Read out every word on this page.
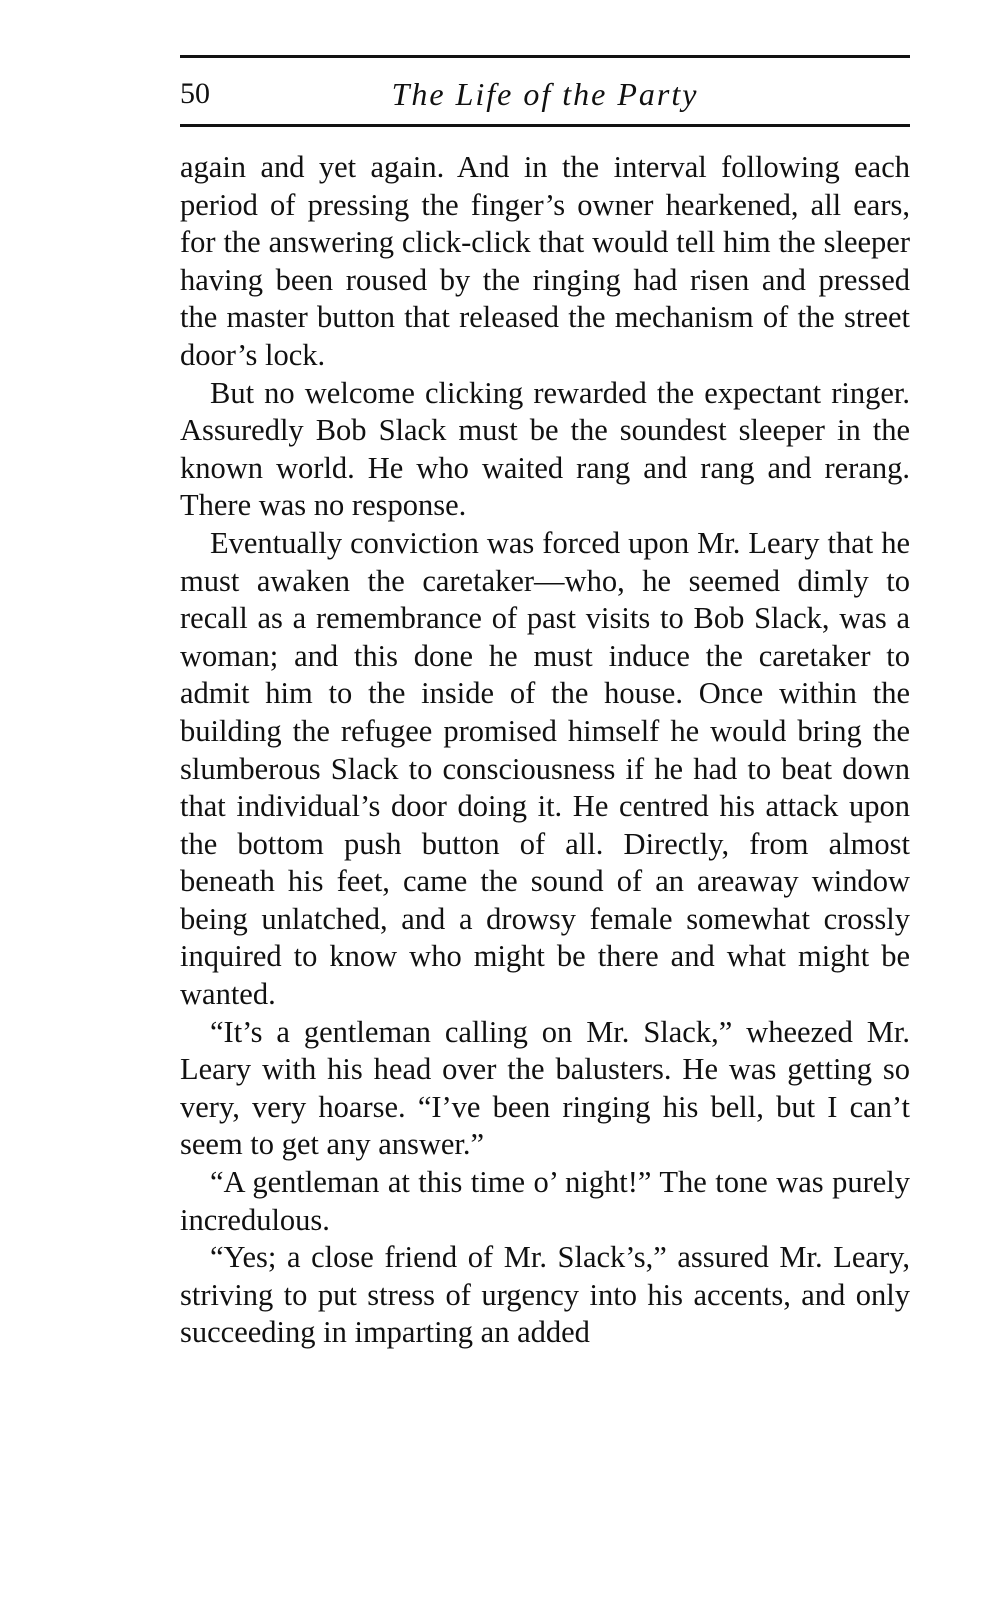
50	The Life of the Party

again and yet again. And in the interval following each period of pressing the finger’s owner hearkened, all ears, for the answering click-click that would tell him the sleeper having been roused by the ringing had risen and pressed the master button that released the mechanism of the street door’s lock.

But no welcome clicking rewarded the expectant ringer. Assuredly Bob Slack must be the soundest sleeper in the known world. He who waited rang and rang and rerang. There was no response.

Eventually conviction was forced upon Mr. Leary that he must awaken the caretaker—who, he seemed dimly to recall as a remembrance of past visits to Bob Slack, was a woman; and this done he must induce the caretaker to admit him to the inside of the house. Once within the building the refugee promised himself he would bring the slumberous Slack to consciousness if he had to beat down that individual’s door doing it. He centred his attack upon the bottom push button of all. Directly, from almost beneath his feet, came the sound of an areaway window being unlatched, and a drowsy female somewhat crossly inquired to know who might be there and what might be wanted.

“It’s a gentleman calling on Mr. Slack,” wheezed Mr. Leary with his head over the balusters. He was getting so very, very hoarse. “I’ve been ringing his bell, but I can’t seem to get any answer.”

“A gentleman at this time o’ night!” The tone was purely incredulous.

“Yes; a close friend of Mr. Slack’s,” assured Mr. Leary, striving to put stress of urgency into his accents, and only succeeding in imparting an added
